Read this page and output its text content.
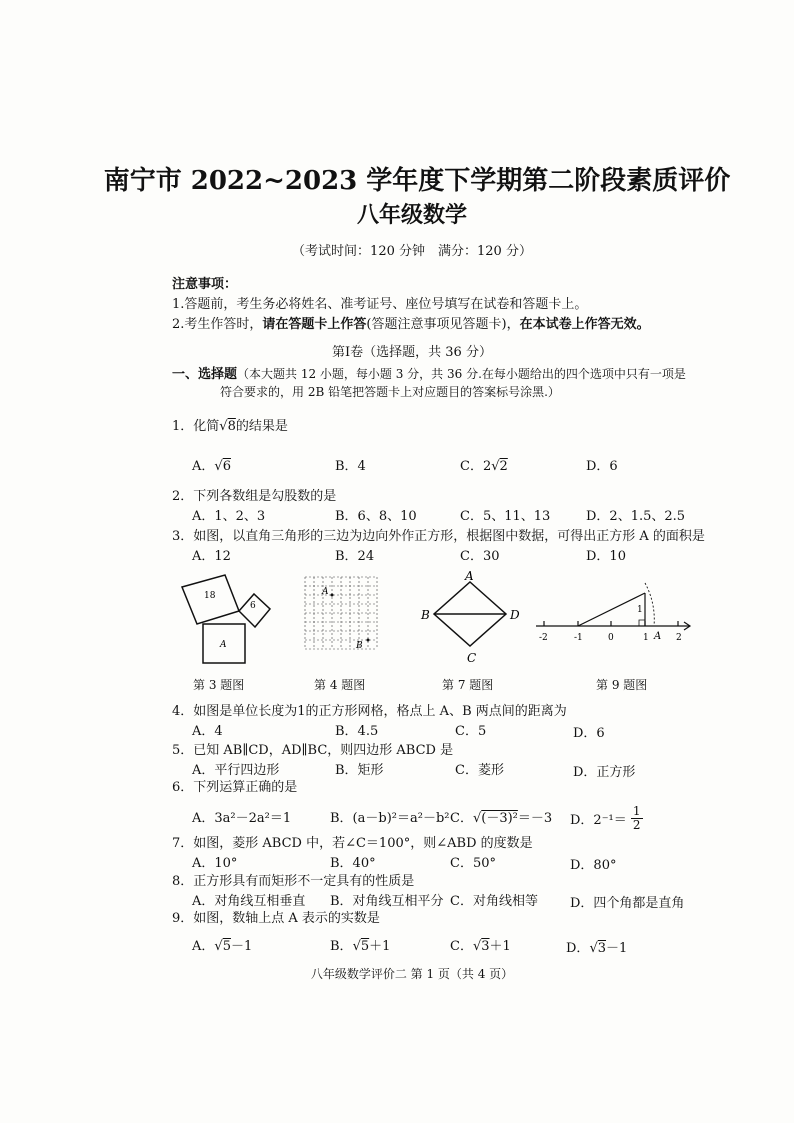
南宁市 2022~2023 学年度下学期第二阶段素质评价
八年级数学
（考试时间：120 分钟　满分：120 分）
注意事项：
1.答题前，考生务必将姓名、准考证号、座位号填写在试卷和答题卡上。
2.考生作答时，请在答题卡上作答(答题注意事项见答题卡)，在本试卷上作答无效。
第Ⅰ卷（选择题，共 36 分）
一、选择题（本大题共 12 小题，每小题 3 分，共 36 分.在每小题给出的四个选项中只有一项是
符合要求的，用 2B 铅笔把答题卡上对应题目的答案标号涂黑.）
1．化简√8的结果是
A．√6	B．4	C．2√2	D．6
2．下列各数组是勾股数的是
A．1、2、3	B．6、8、10	C．5、11、13	D．2、1.5、2.5
3．如图，以直角三角形的三边为边向外作正方形，根据图中数据，可得出正方形 A 的面积是
A．12	B．24	C．30	D．10
18
6
A
A
B
A
B
C
D
-2	-1	0	1	2
1
A
第 3 题图	第 4 题图	第 7 题图	第 9 题图
4．如图是单位长度为1的正方形网格，格点上 A、B 两点间的距离为
A．4	B．4.5	C．5	D．6
5．已知 AB∥CD，AD∥BC，则四边形 ABCD 是
A．平行四边形	B．矩形	C．菱形	D．正方形
6．下列运算正确的是
A．3a²－2a²＝1	B．(a－b)²＝a²－b² C．√(－3)²＝－3 D．$2^{-1}= \frac{1}{2}$
7．如图，菱形 ABCD 中，若∠C＝100°，则∠ABD 的度数是
A．10°	B．40°	C．50°	D．80°
8．正方形具有而矩形不一定具有的性质是
A．对角线互相垂直 B．对角线互相平分 C．对角线相等 D．四个角都是直角
9．如图，数轴上点 A 表示的实数是
A．√5－1	B．√5＋1	C．√3＋1	D．√3－1
八年级数学评价二 第 1 页（共 4 页）
